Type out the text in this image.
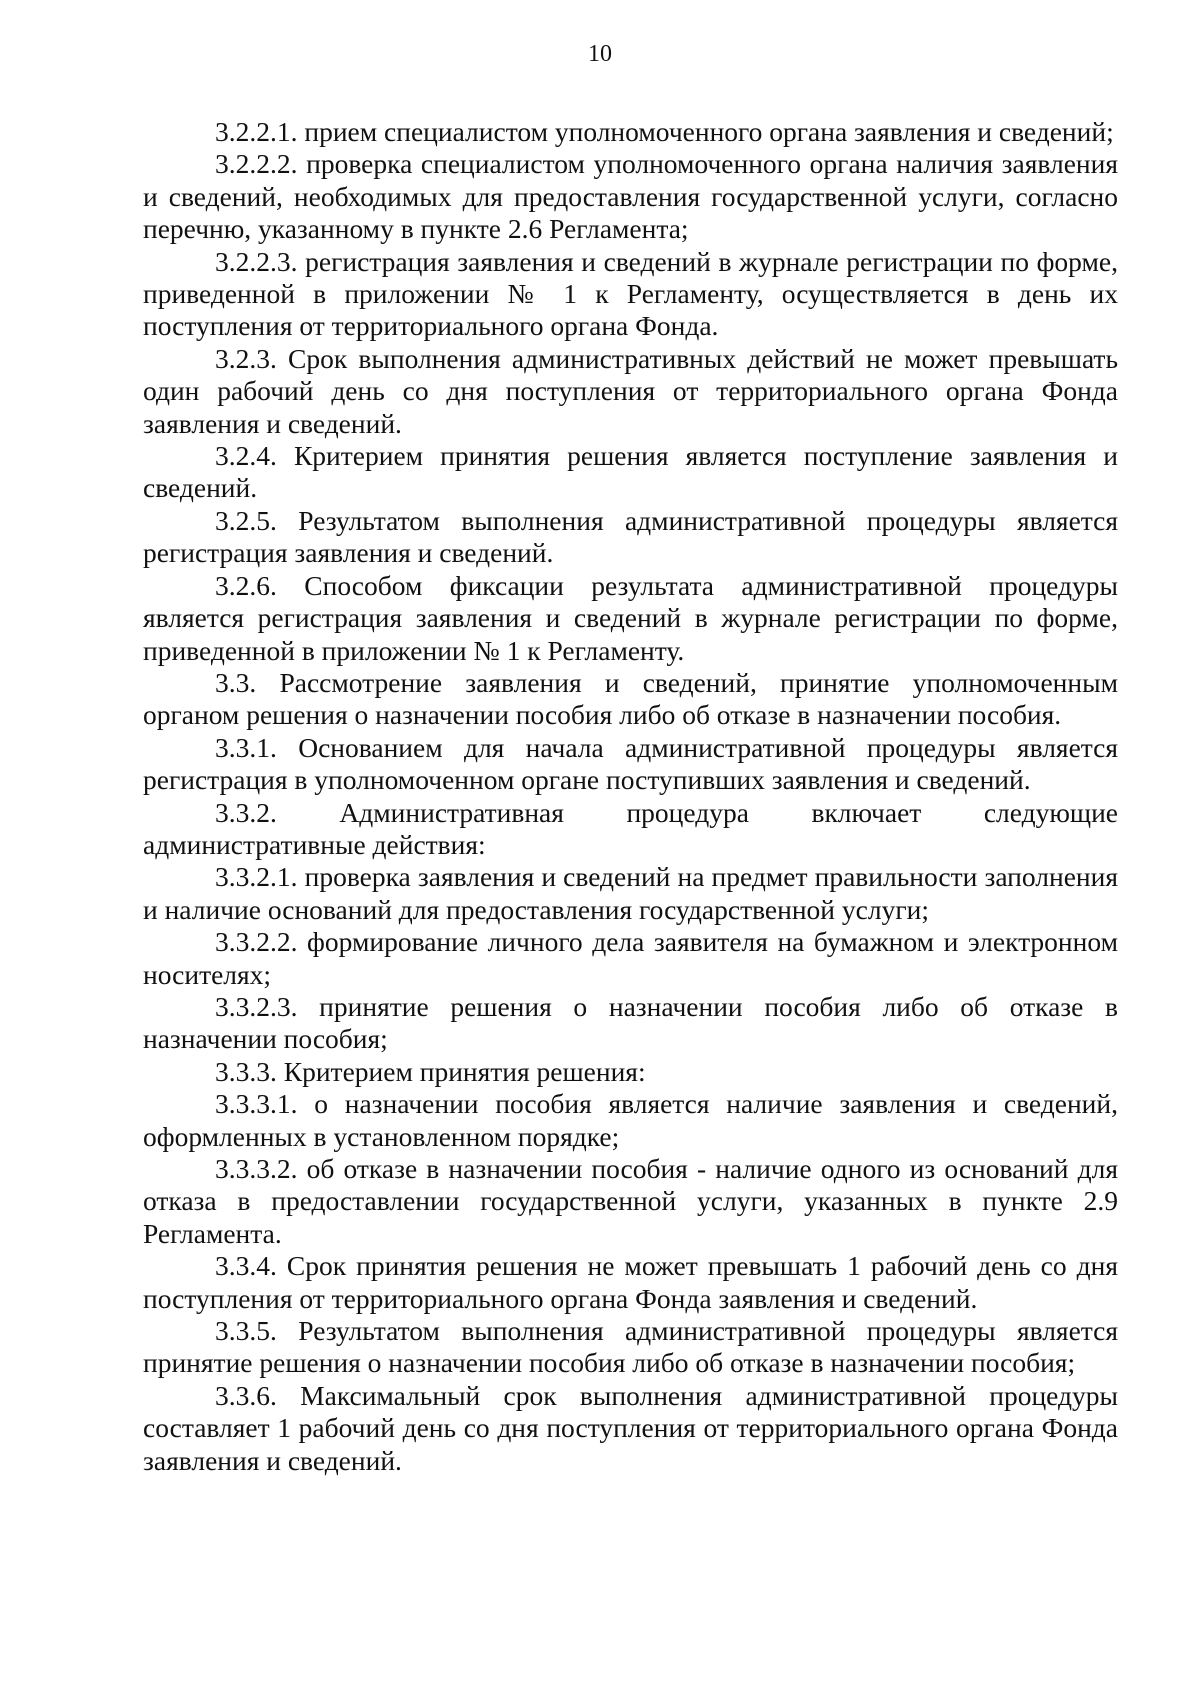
10

3.2.2.1. прием специалистом уполномоченного органа заявления и сведений;

3.2.2.2. проверка специалистом уполномоченного органа наличия заявления и сведений, необходимых для предоставления государственной услуги, согласно перечню, указанному в пункте 2.6 Регламента;

3.2.2.3. регистрация заявления и сведений в журнале регистрации по форме, приведенной в приложении № 1 к Регламенту, осуществляется в день их поступления от территориального органа Фонда.

3.2.3. Срок выполнения административных действий не может превышать один рабочий день со дня поступления от территориального органа Фонда заявления и сведений.

3.2.4. Критерием принятия решения является поступление заявления и сведений.

3.2.5. Результатом выполнения административной процедуры является регистрация заявления и сведений.

3.2.6. Способом фиксации результата административной процедуры является регистрация заявления и сведений в журнале регистрации по форме, приведенной в приложении № 1 к Регламенту.

3.3. Рассмотрение заявления и сведений, принятие уполномоченным органом решения о назначении пособия либо об отказе в назначении пособия.

3.3.1. Основанием для начала административной процедуры является регистрация в уполномоченном органе поступивших заявления и сведений.

3.3.2. Административная процедура включает следующие административные действия:

3.3.2.1. проверка заявления и сведений на предмет правильности заполнения и наличие оснований для предоставления государственной услуги;

3.3.2.2. формирование личного дела заявителя на бумажном и электронном носителях;

3.3.2.3. принятие решения о назначении пособия либо об отказе в назначении пособия;

3.3.3. Критерием принятия решения:

3.3.3.1. о назначении пособия является наличие заявления и сведений, оформленных в установленном порядке;

3.3.3.2. об отказе в назначении пособия - наличие одного из оснований для отказа в предоставлении государственной услуги, указанных в пункте 2.9 Регламента.

3.3.4. Срок принятия решения не может превышать 1 рабочий день со дня поступления от территориального органа Фонда заявления и сведений.

3.3.5. Результатом выполнения административной процедуры является принятие решения о назначении пособия либо об отказе в назначении пособия;

3.3.6. Максимальный срок выполнения административной процедуры составляет 1 рабочий день со дня поступления от территориального органа Фонда заявления и сведений.
